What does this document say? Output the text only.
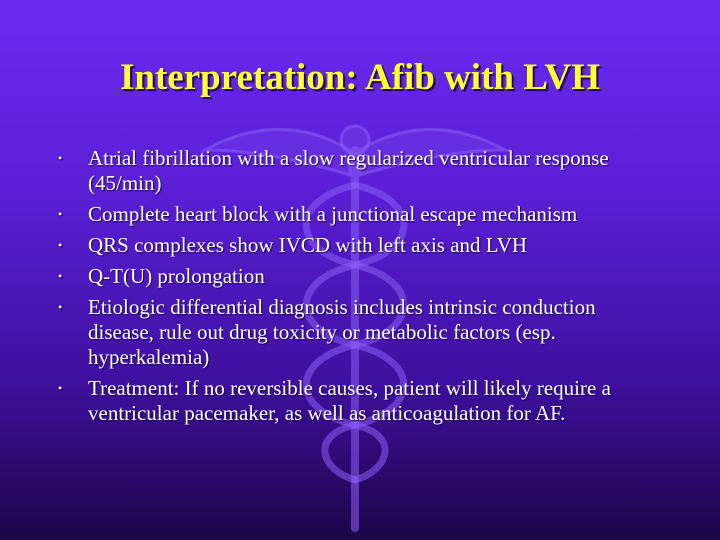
Interpretation: Afib with LVH
• Atrial fibrillation with a slow regularized ventricular response (45/min)
• Complete heart block with a junctional escape mechanism
• QRS complexes show IVCD with left axis and LVH
• Q-T(U) prolongation
• Etiologic differential diagnosis includes intrinsic conduction disease, rule out drug toxicity or metabolic factors (esp. hyperkalemia)
• Treatment: If no reversible causes, patient will likely require a ventricular pacemaker, as well as anticoagulation for AF.
